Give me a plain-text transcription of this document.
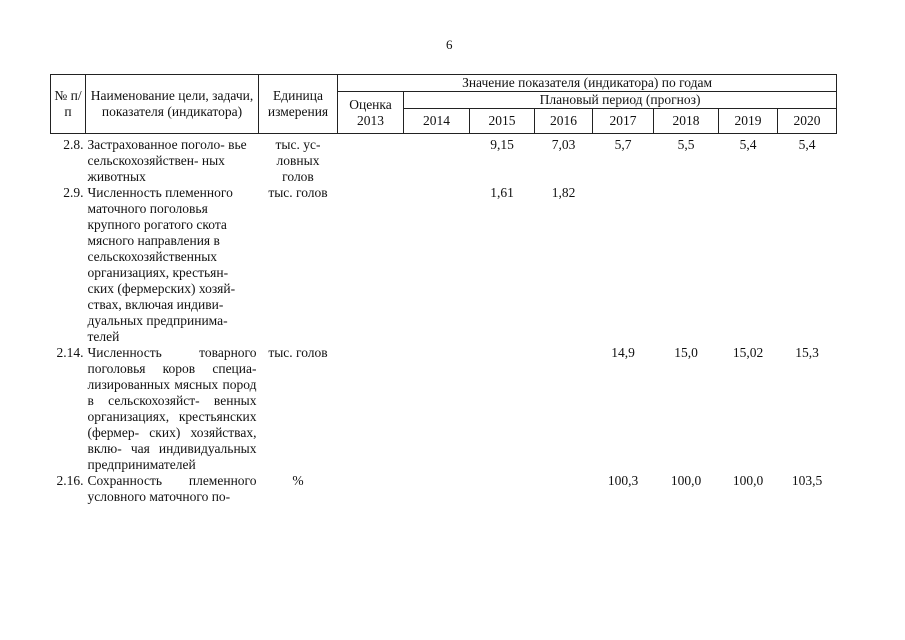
6
№ п/п	Наименование цели, задачи, показателя (индикатора)	Единица измерения	Значение показателя (индикатора) по годам							
			Оценка 2013	Плановый период (прогноз)						
				2014	2015	2016	2017	2018	2019	2020
2.8.	Застрахованное поголо- вье сельскохозяйствен- ных животных	тыс. ус- ловных голов			9,15	7,03	5,7	5,5	5,4	5,4
2.9.	Численность племенного маточного поголовья крупного рогатого скота мясного направления в сельскохозяйственных организациях, крестьян- ских (фермерских) хозяй- ствах, включая индиви- дуальных предпринима- телей	тыс. голов			1,61	1,82				
2.14.	Численность товарного поголовья коров специа- лизированных мясных пород в сельскохозяйст- венных организациях, крестьянских (фермер- ских) хозяйствах, вклю- чая индивидуальных предпринимателей	тыс. голов					14,9	15,0	15,02	15,3
2.16.	Сохранность племенного условного маточного по-	%					100,3	100,0	100,0	103,5
